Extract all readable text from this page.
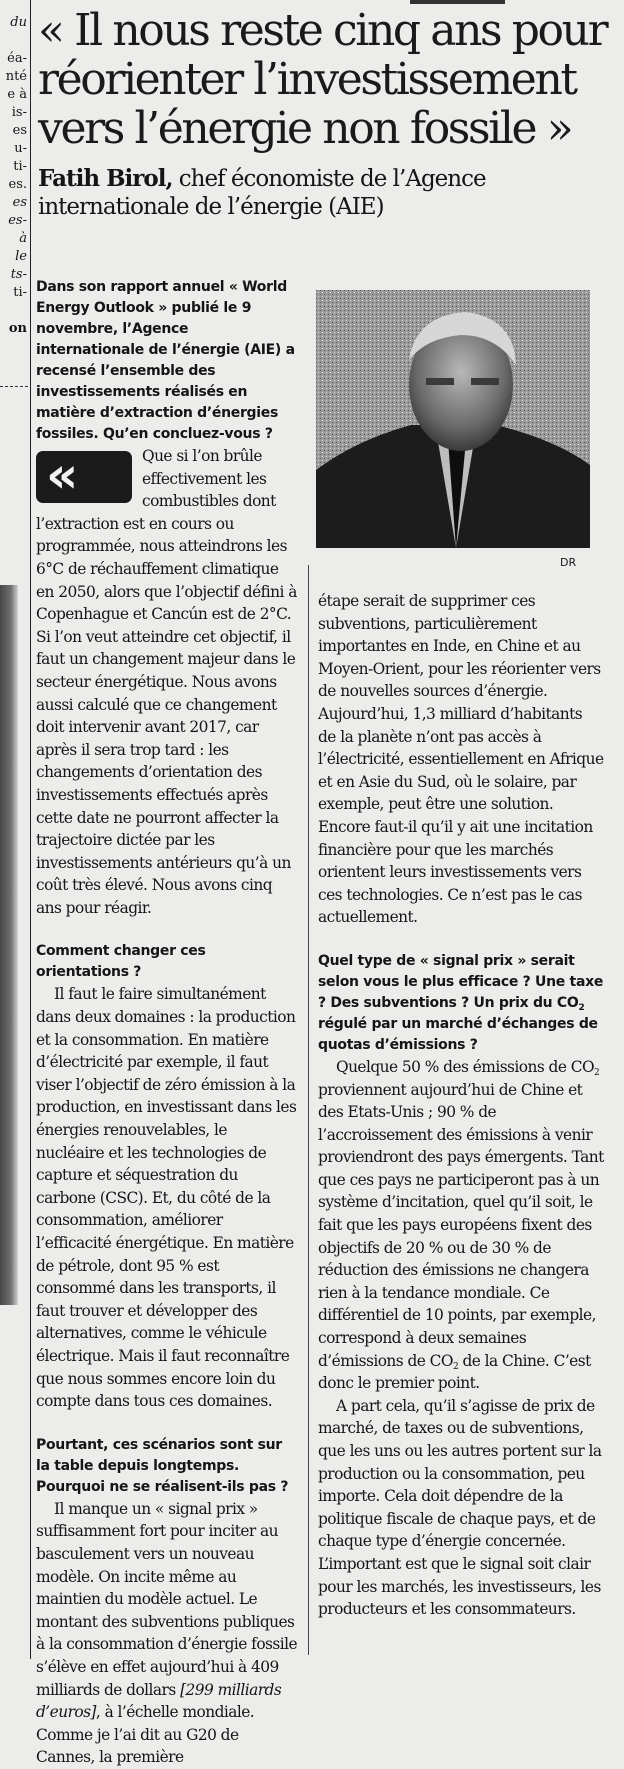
du
éa-
nté
e à
is-
es
u-
ti-
es.
es
es-
à
le
ts-
ti-
on
« Il nous reste cinq ans pour réorienter l’investissement vers l’énergie non fossile »
Fatih Birol, chef économiste de l’Agence internationale de l’énergie (AIE)
DR

Dans son rapport annuel « World Energy Outlook » publié le 9 novembre, l’Agence internationale de l’énergie (AIE) a recensé l’ensemble des investissements réalisés en matière d’extraction d’énergies fossiles. Qu’en concluez-vous ?

«	Que si l’on brûle effectivement les combustibles dont l’extraction est en cours ou programmée, nous atteindrons les 6°C de réchauffement climatique en 2050, alors que l’objectif défini à Copenhague et Cancún est de 2°C. Si l’on veut atteindre cet objectif, il faut un changement majeur dans le secteur énergétique. Nous avons aussi calculé que ce changement doit intervenir avant 2017, car après il sera trop tard : les changements d’orientation des investissements effectués après cette date ne pourront affecter la trajectoire dictée par les investissements antérieurs qu’à un coût très élevé. Nous avons cinq ans pour réagir.

Comment changer ces orientations ?

Il faut le faire simultanément dans deux domaines : la production et la consommation. En matière d’électricité par exemple, il faut viser l’objectif de zéro émission à la production, en investissant dans les énergies renouvelables, le nucléaire et les technologies de capture et séquestration du carbone (CSC). Et, du côté de la consommation, améliorer l’efficacité énergétique. En matière de pétrole, dont 95 % est consommé dans les transports, il faut trouver et développer des alternatives, comme le véhicule électrique. Mais il faut reconnaître que nous sommes encore loin du compte dans tous ces domaines.

Pourtant, ces scénarios sont sur la table depuis longtemps. Pourquoi ne se réalisent-ils pas ?

Il manque un « signal prix » suffisamment fort pour inciter au basculement vers un nouveau modèle. On incite même au maintien du modèle actuel. Le montant des subventions publiques à la consommation d’énergie fossile s’élève en effet aujourd’hui à 409 milliards de dollars [299 milliards d’euros], à l’échelle mondiale. Comme je l’ai dit au G20 de Cannes, la première

étape serait de supprimer ces subventions, particulièrement importantes en Inde, en Chine et au Moyen-Orient, pour les réorienter vers de nouvelles sources d’énergie. Aujourd’hui, 1,3 milliard d’habitants de la planète n’ont pas accès à l’électricité, essentiellement en Afrique et en Asie du Sud, où le solaire, par exemple, peut être une solution. Encore faut-il qu’il y ait une incitation financière pour que les marchés orientent leurs investissements vers ces technologies. Ce n’est pas le cas actuellement.

Quel type de « signal prix » serait selon vous le plus efficace ? Une taxe ? Des subventions ? Un prix du $CO_2$ régulé par un marché d’échanges de quotas d’émissions ?

Quelque 50 % des émissions de $CO_2$ proviennent aujourd’hui de Chine et des Etats-Unis ; 90 % de l’accroissement des émissions à venir proviendront des pays émergents. Tant que ces pays ne participeront pas à un système d’incitation, quel qu’il soit, le fait que les pays européens fixent des objectifs de 20 % ou de 30 % de réduction des émissions ne changera rien à la tendance mondiale. Ce différentiel de 10 points, par exemple, correspond à deux semaines d’émissions de $CO_2$ de la Chine. C’est donc le premier point.

A part cela, qu’il s’agisse de prix de marché, de taxes ou de subventions, que les uns ou les autres portent sur la production ou la consommation, peu importe. Cela doit dépendre de la politique fiscale de chaque pays, et de chaque type d’énergie concernée. L’important est que le signal soit clair pour les marchés, les investisseurs, les producteurs et les consommateurs.
